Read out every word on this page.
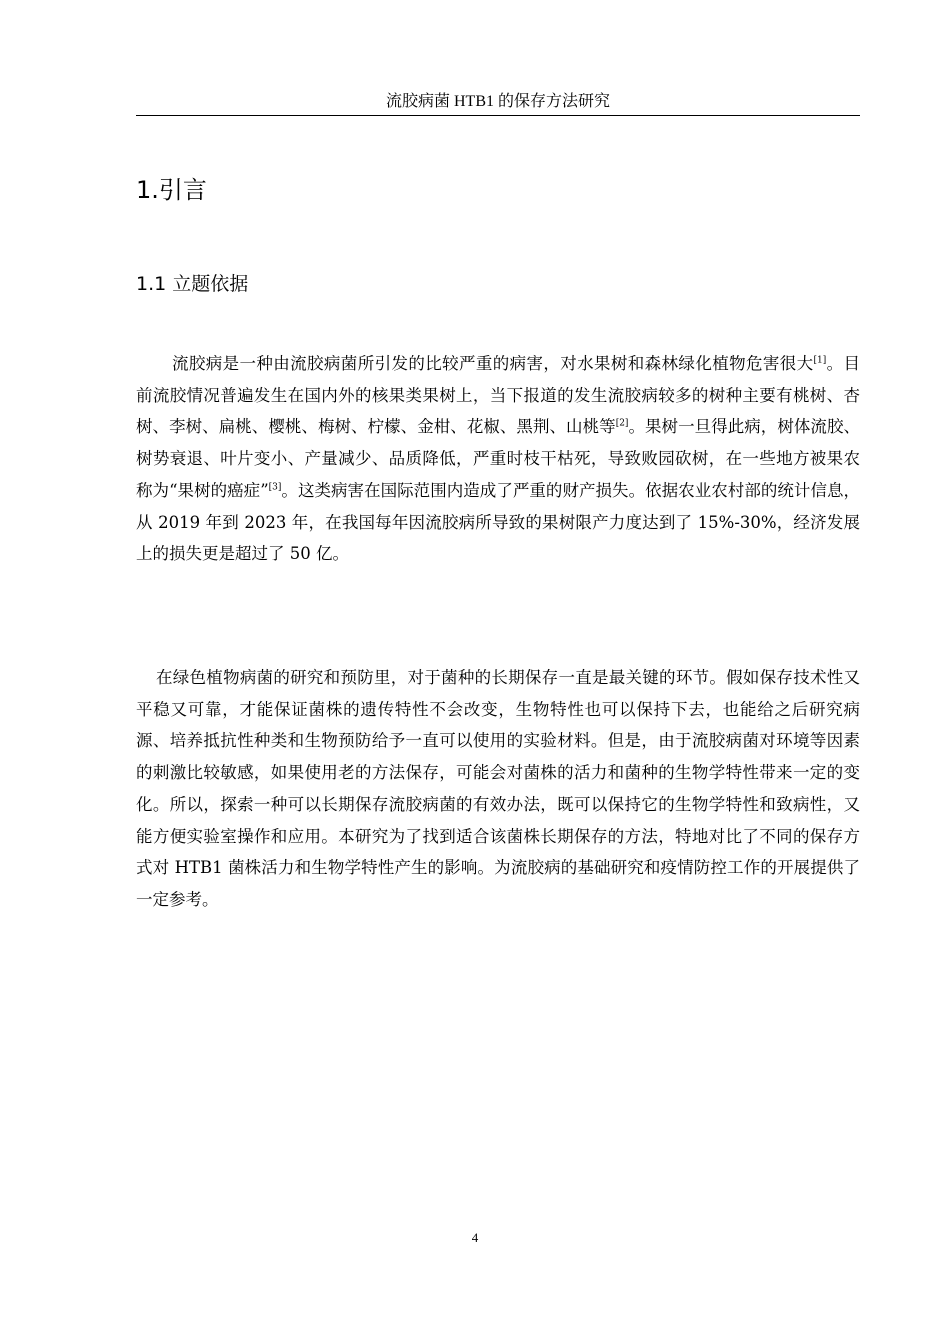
流胶病菌 HTB1 的保存方法研究
1.引言
1.1 立题依据

流胶病是一种由流胶病菌所引发的比较严重的病害，对水果树和森林绿化植物危害很大[1]。目前流胶情况普遍发生在国内外的核果类果树上，当下报道的发生流胶病较多的树种主要有桃树、杏树、李树、扁桃、樱桃、梅树、柠檬、金柑、花椒、黑荆、山桃等[2]。果树一旦得此病，树体流胶、树势衰退、叶片变小、产量减少、品质降低，严重时枝干枯死，导致败园砍树，在一些地方被果农称为“果树的癌症”[3]。这类病害在国际范围内造成了严重的财产损失。依据农业农村部的统计信息，从 2019 年到 2023 年，在我国每年因流胶病所导致的果树限产力度达到了 15%-30%，经济发展上的损失更是超过了 50 亿。

在绿色植物病菌的研究和预防里，对于菌种的长期保存一直是最关键的环节。假如保存技术性又平稳又可靠，才能保证菌株的遗传特性不会改变，生物特性也可以保持下去，也能给之后研究病源、培养抵抗性种类和生物预防给予一直可以使用的实验材料。但是，由于流胶病菌对环境等因素的刺激比较敏感，如果使用老的方法保存，可能会对菌株的活力和菌种的生物学特性带来一定的变化。所以，探索一种可以长期保存流胶病菌的有效办法，既可以保持它的生物学特性和致病性，又能方便实验室操作和应用。本研究为了找到适合该菌株长期保存的方法，特地对比了不同的保存方式对 HTB1 菌株活力和生物学特性产生的影响。为流胶病的基础研究和疫情防控工作的开展提供了一定参考。

4
